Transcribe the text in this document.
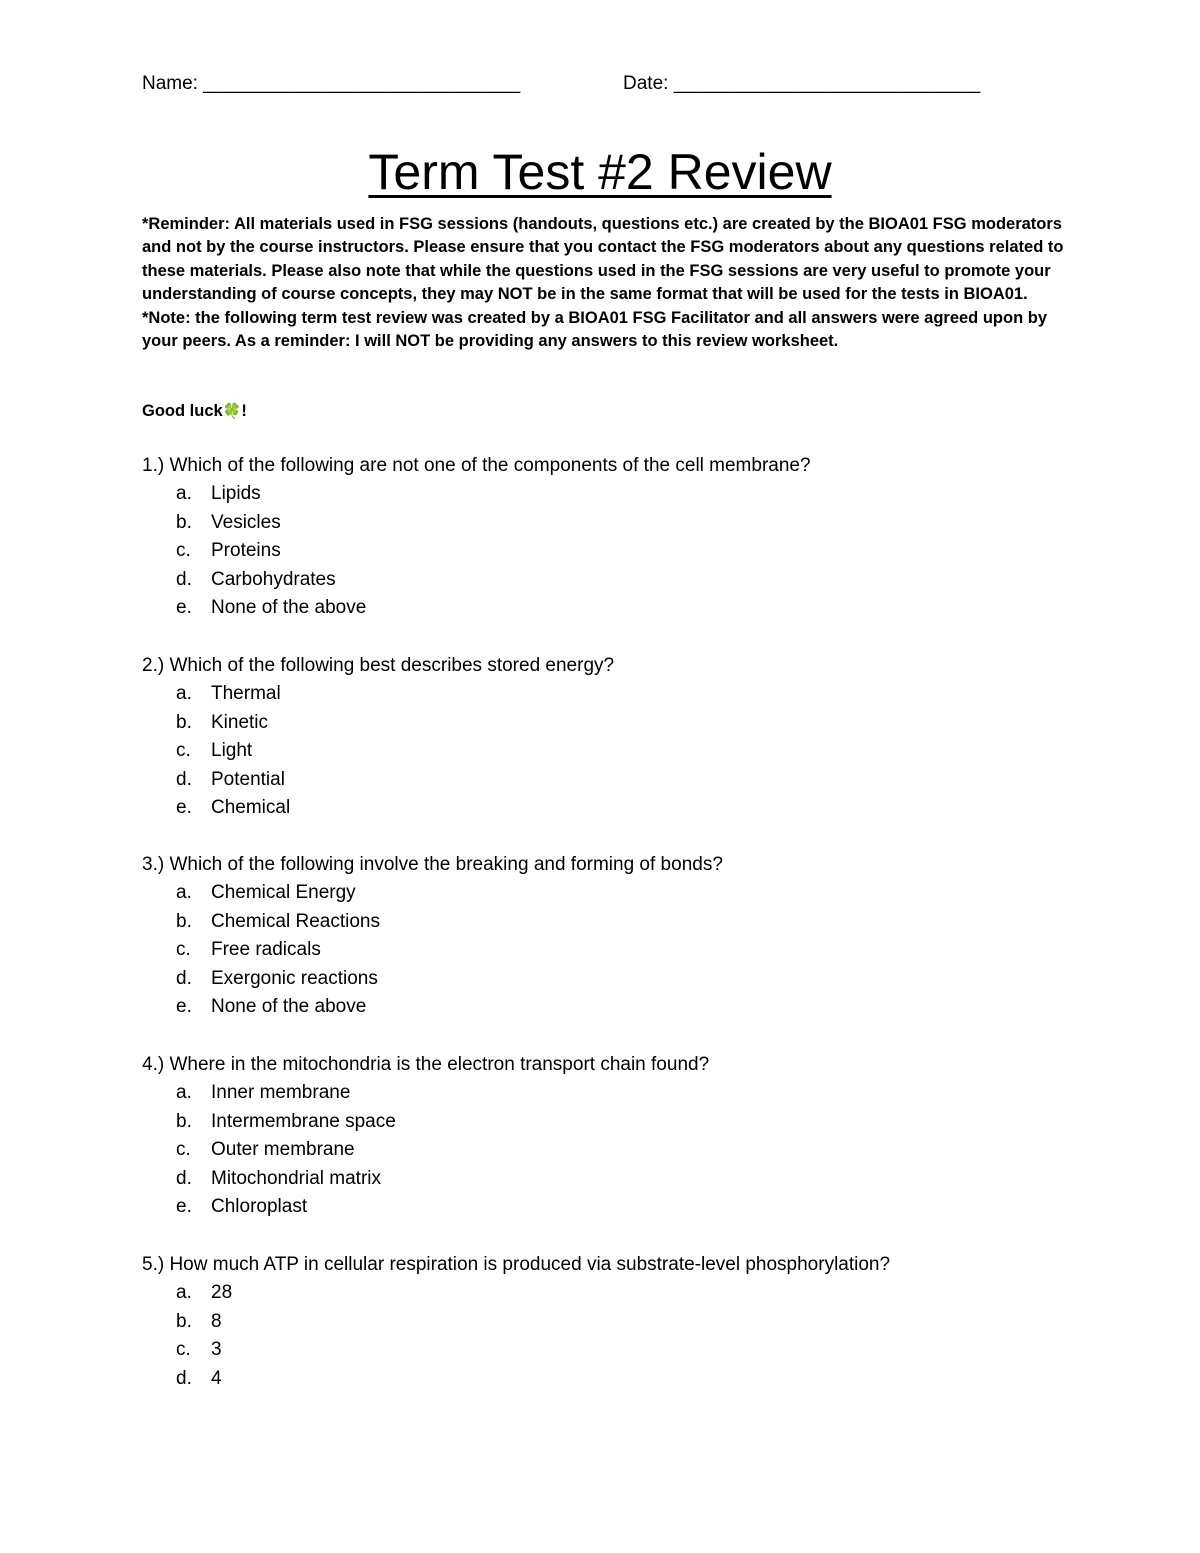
Name: ______________________________	Date: _____________________________
Term Test #2 Review

*Reminder: All materials used in FSG sessions (handouts, questions etc.) are created by the BIOA01 FSG moderators and not by the course instructors. Please ensure that you contact the FSG moderators about any questions related to these materials. Please also note that while the questions used in the FSG sessions are very useful to promote your understanding of course concepts, they may NOT be in the same format that will be used for the tests in BIOA01.

*Note: the following term test review was created by a BIOA01 FSG Facilitator and all answers were agreed upon by your peers. As a reminder: I will NOT be providing any answers to this review worksheet.

Good luck🍀!
1.) Which of the following are not one of the components of the cell membrane?
a. Lipids
b. Vesicles
c. Proteins
d. Carbohydrates
e. None of the above
2.) Which of the following best describes stored energy?
a. Thermal
b. Kinetic
c. Light
d. Potential
e. Chemical
3.) Which of the following involve the breaking and forming of bonds?
a. Chemical Energy
b. Chemical Reactions
c. Free radicals
d. Exergonic reactions
e. None of the above
4.) Where in the mitochondria is the electron transport chain found?
a. Inner membrane
b. Intermembrane space
c. Outer membrane
d. Mitochondrial matrix
e. Chloroplast
5.) How much ATP in cellular respiration is produced via substrate-level phosphorylation?
a. 28
b. 8
c. 3
d. 4
